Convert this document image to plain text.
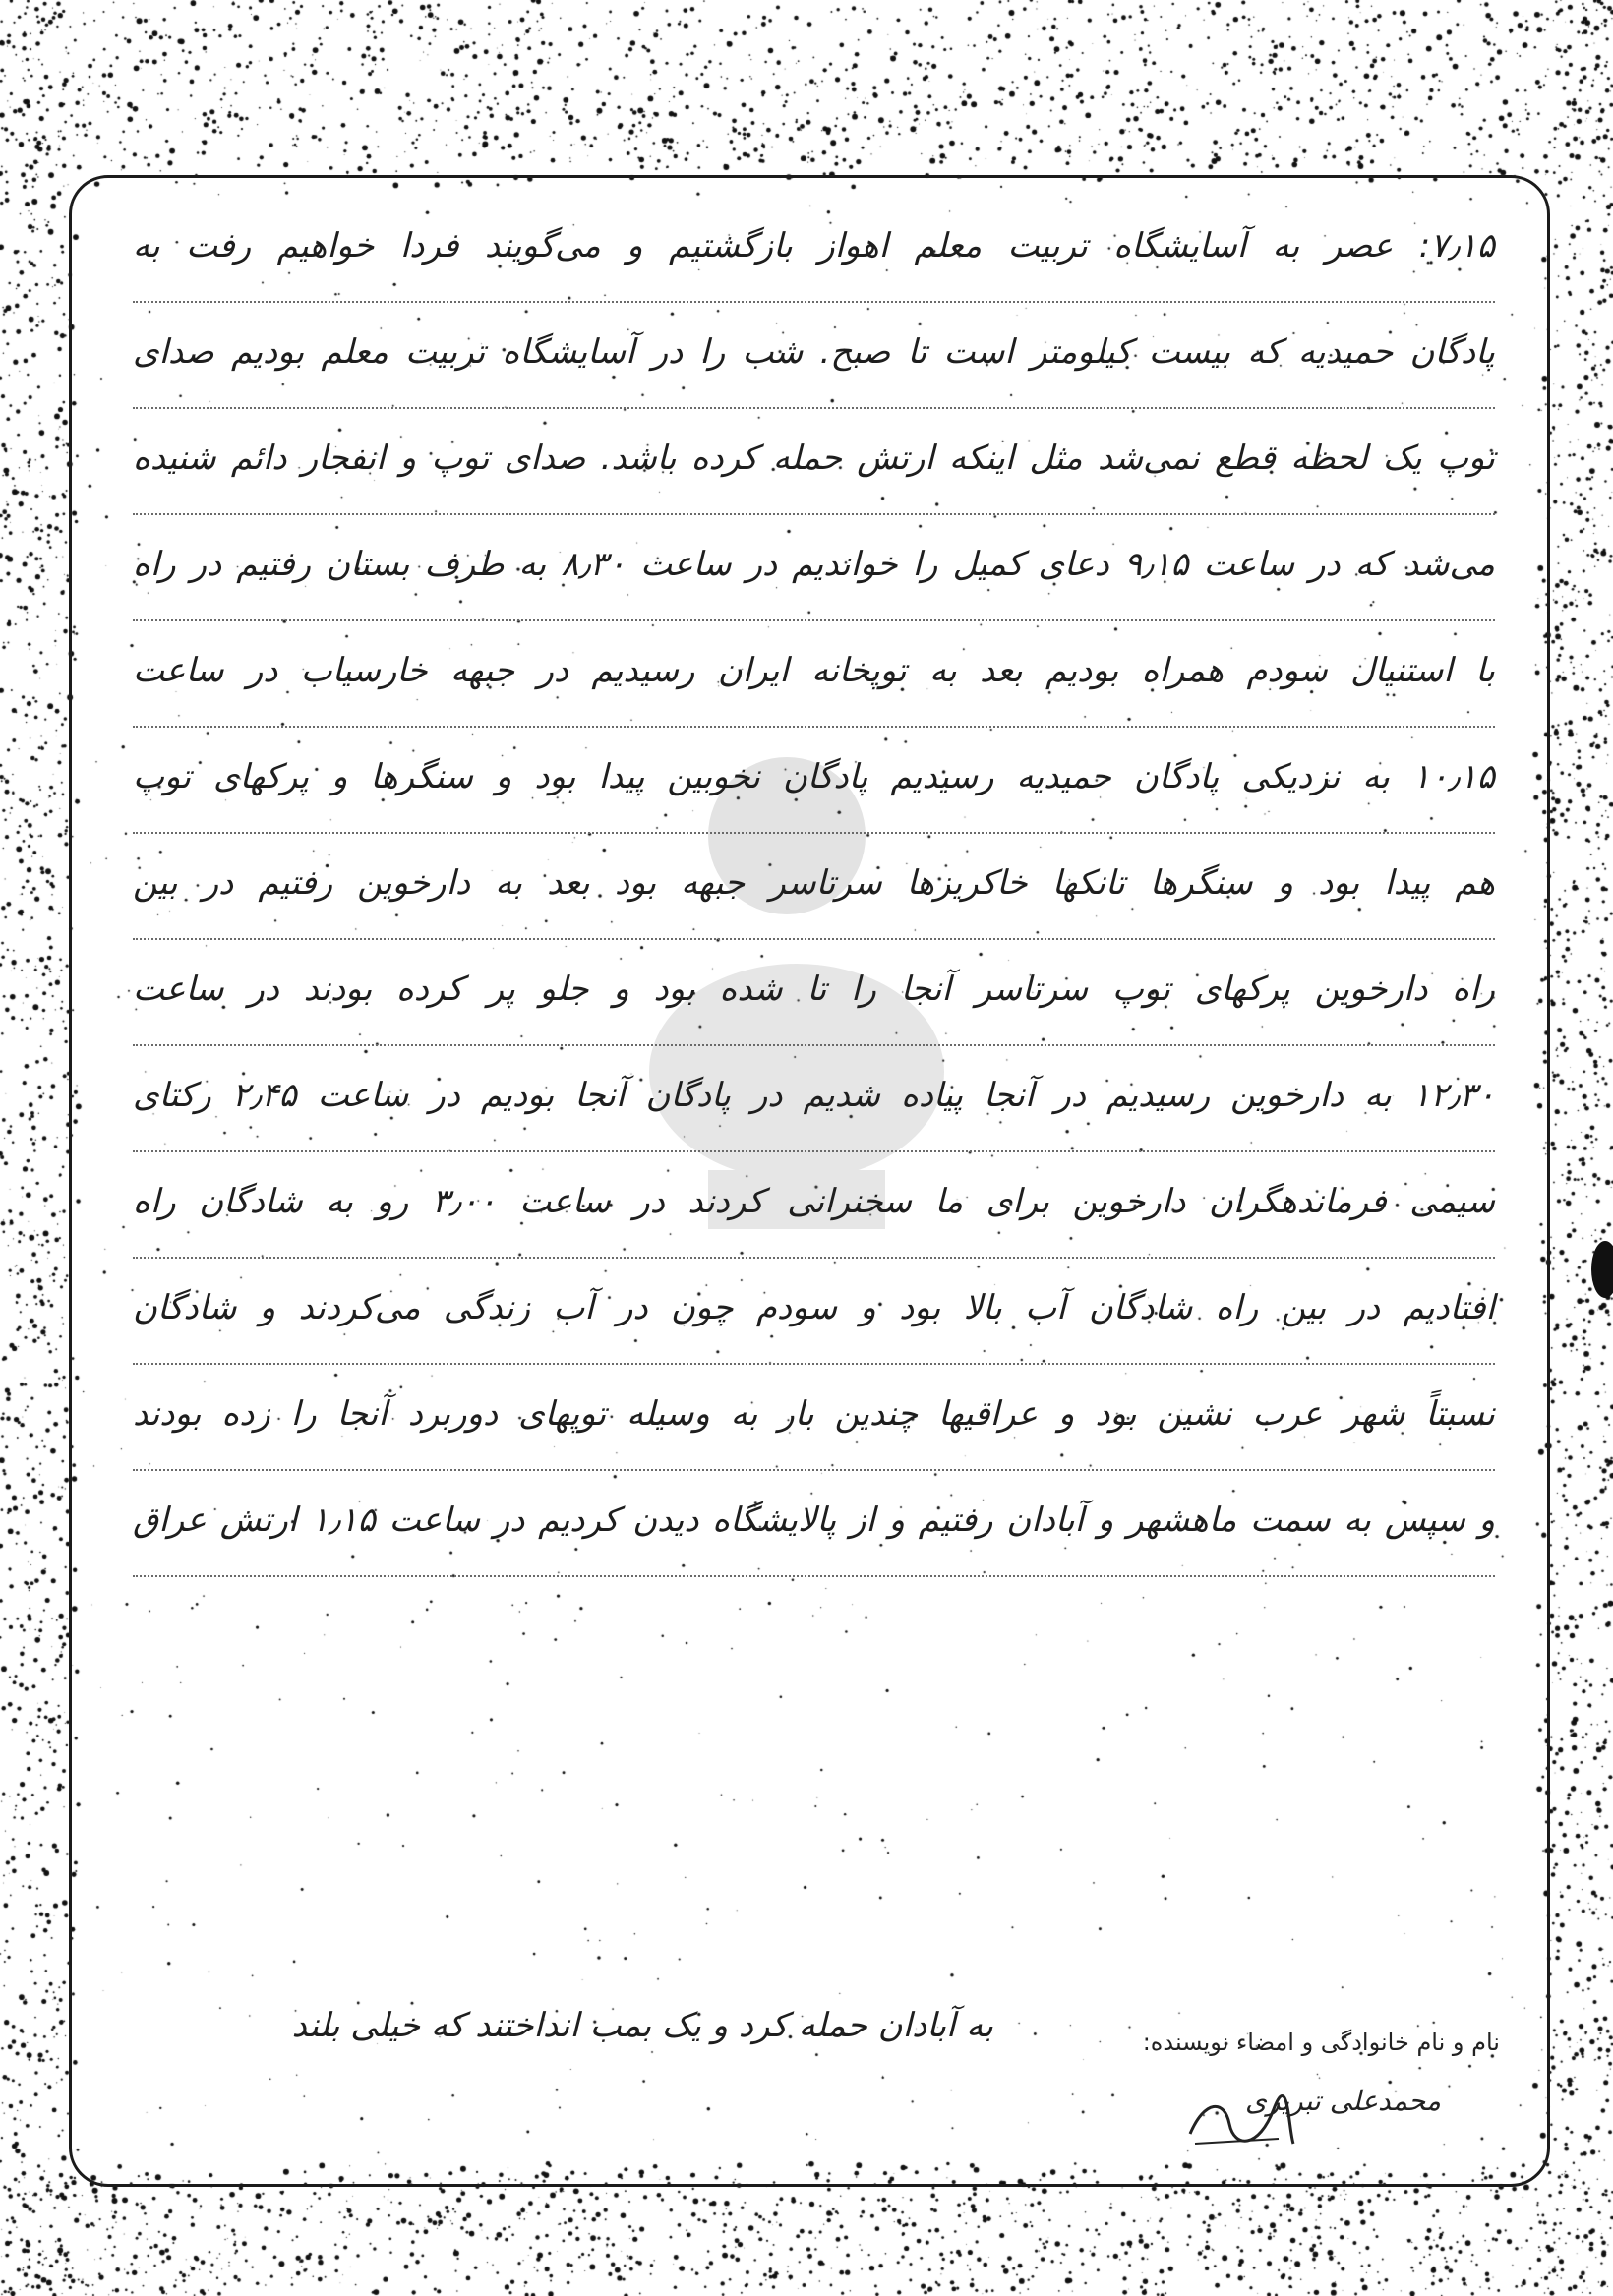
۷٫۱۵: عصر به آسایشگاه تربیت معلم اهواز بازگشتیم و می‌گویند فردا خواهیم رفت به
پادگان حمیدیه که بیست کیلومتر است تا صبح. شب را در آسایشگاه تربیت معلم بودیم صدای
توپ یک لحظه قطع نمی‌شد مثل اینکه ارتش حمله کرده باشد. صدای توپ و انفجار دائم شنیده
می‌شد که در ساعت ۹٫۱۵ دعای کمیل را خواندیم در ساعت ۸٫۳۰ به طرف بستان رفتیم در راه
با استنیال سودم همراه بودیم بعد به توپخانه ایران رسیدیم در جبهه خارسیاب در ساعت
۱۰٫۱۵ به نزدیکی پادگان حمیدیه رسیدیم پادگان نخوبین پیدا بود و سنگرها و پرکهای توپ
هم پیدا بود و سنگرها تانکها خاکریزها سرتاسر جبهه بود بعد به دارخوین رفتیم در بین
راه دارخوین پرکهای توپ سرتاسر آنجا را تا شده بود و جلو پر کرده بودند در ساعت
۱۲٫۳۰ به دارخوین رسیدیم در آنجا پیاده شدیم در پادگان آنجا بودیم در ساعت ۲٫۴۵ رکتای
سیمی فرماندهگران دارخوین برای ما سخنرانی کردند در ساعت ۳٫۰۰ رو به شادگان راه
افتادیم در بین راه شادگان آب بالا بود و سودم چون در آب زندگی می‌کردند و شادگان
نسبتاً شهر عرب نشین بود و عراقیها چندین بار به وسیله توپهای دوربرد آنجا را زده بودند
و سپس به سمت ماهشهر و آبادان رفتیم و از پالایشگاه دیدن کردیم در ساعت ۱٫۱۵ ارتش عراق
به آبادان حمله کرد و یک بمب انداختند که خیلی بلند	نام و نام خانوادگی و امضاء نویسنده:
محمدعلی تبریزی
